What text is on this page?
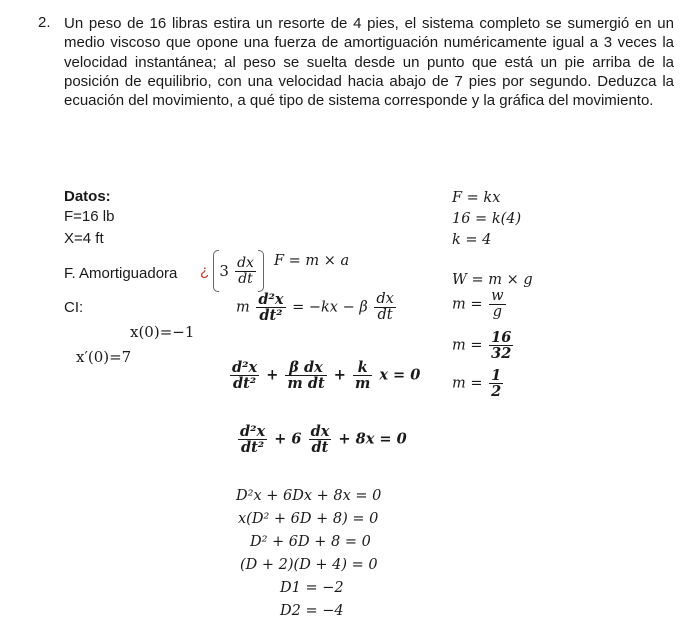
2. Un peso de 16 libras estira un resorte de 4 pies, el sistema completo se sumergió en un medio viscoso que opone una fuerza de amortiguación numéricamente igual a 3 veces la velocidad instantánea; al peso se suelta desde un punto que está un pie arriba de la posición de equilibrio, con una velocidad hacia abajo de 7 pies por segundo. Deduzca la ecuación del movimiento, a qué tipo de sistema corresponde y la gráfica del movimiento.
Datos:
F=16 lb
X=4 ft
F. Amortiguadora ¿ $3 \frac{dx}{dt}$ F = m × a
CI:
x(0)=−1
x′(0)=7
m $\frac{\text{d²x}}{\text{dt²}} = -kx - \beta \frac{dx}{dt}$
$\frac{\text{d²x}}{\text{dt²}} + \frac{\text{β dx}}{\text{m dt}} + \frac{k}{m}$ x = 0
$\frac{\text{d²x}}{\text{dt²}} + 6 \frac{dx}{dt} + 8x = 0$
D²x + 6Dx + 8x = 0
x(D² + 6D + 8) = 0
D² + 6D + 8 = 0
(D + 2)(D + 4) = 0
D1 = −2
D2 = −4
F = kx
16 = k(4)
k = 4
W = m × g
$m = \frac{w}{g}$
$m = \frac{16}{32}$
$m = \frac{1}{2}$
